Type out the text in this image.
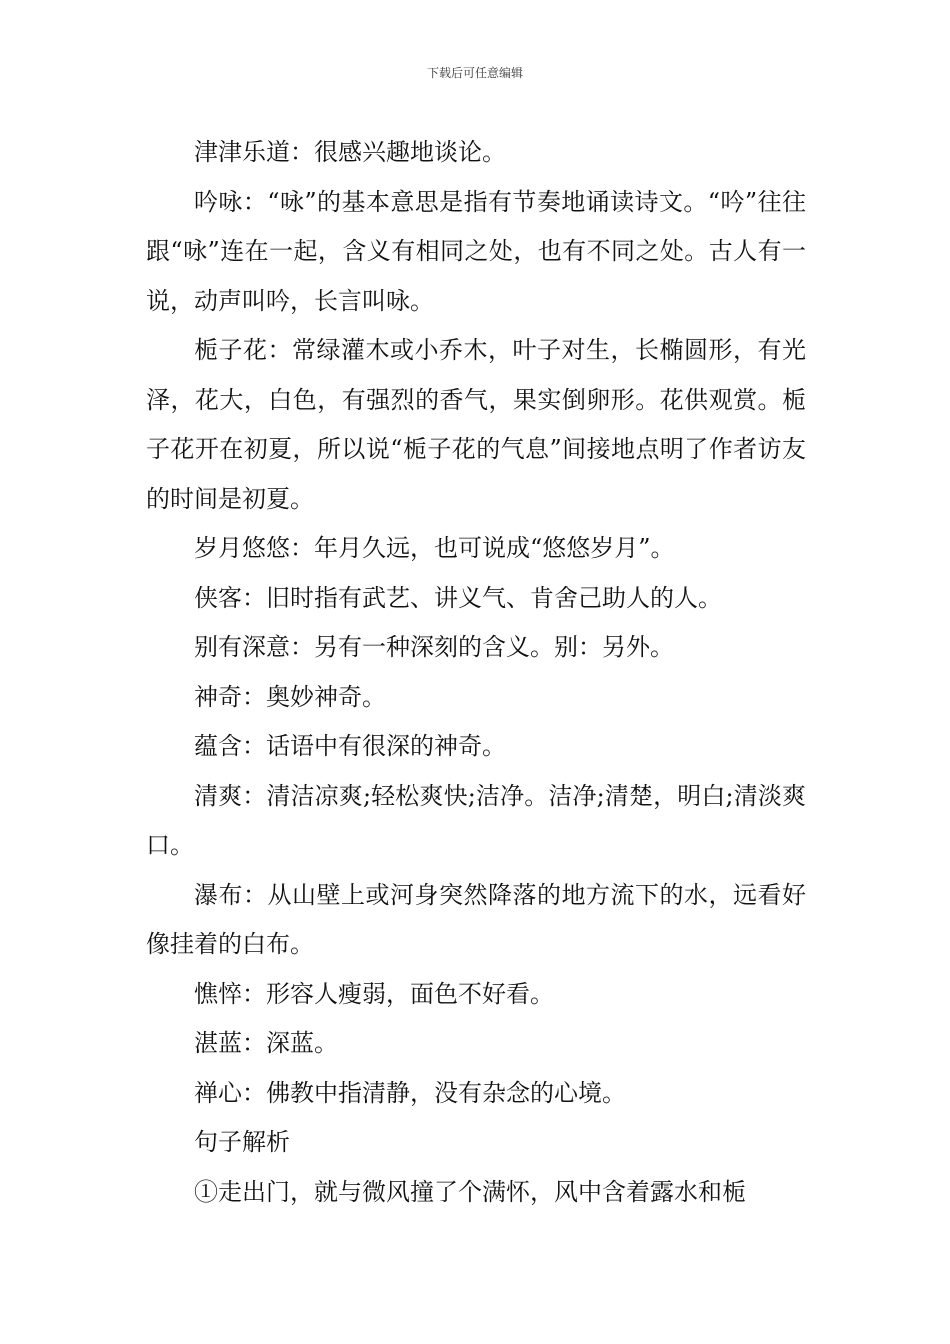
下载后可任意编辑

津津乐道：很感兴趣地谈论。

吟咏：“咏”的基本意思是指有节奏地诵读诗文。“吟”往往跟“咏”连在一起，含义有相同之处，也有不同之处。古人有一说，动声叫吟，长言叫咏。

栀子花：常绿灌木或小乔木，叶子对生，长椭圆形，有光泽，花大，白色，有强烈的香气，果实倒卵形。花供观赏。栀子花开在初夏，所以说“栀子花的气息”间接地点明了作者访友的时间是初夏。

岁月悠悠：年月久远，也可说成“悠悠岁月”。

侠客：旧时指有武艺、讲义气、肯舍己助人的人。

别有深意：另有一种深刻的含义。别：另外。

神奇：奥妙神奇。

蕴含：话语中有很深的神奇。

清爽：清洁凉爽;轻松爽快;洁净。洁净;清楚，明白;清淡爽口。

瀑布：从山壁上或河身突然降落的地方流下的水，远看好像挂着的白布。

憔悴：形容人瘦弱，面色不好看。

湛蓝：深蓝。

禅心：佛教中指清静，没有杂念的心境。

句子解析

①走出门，就与微风撞了个满怀，风中含着露水和栀
